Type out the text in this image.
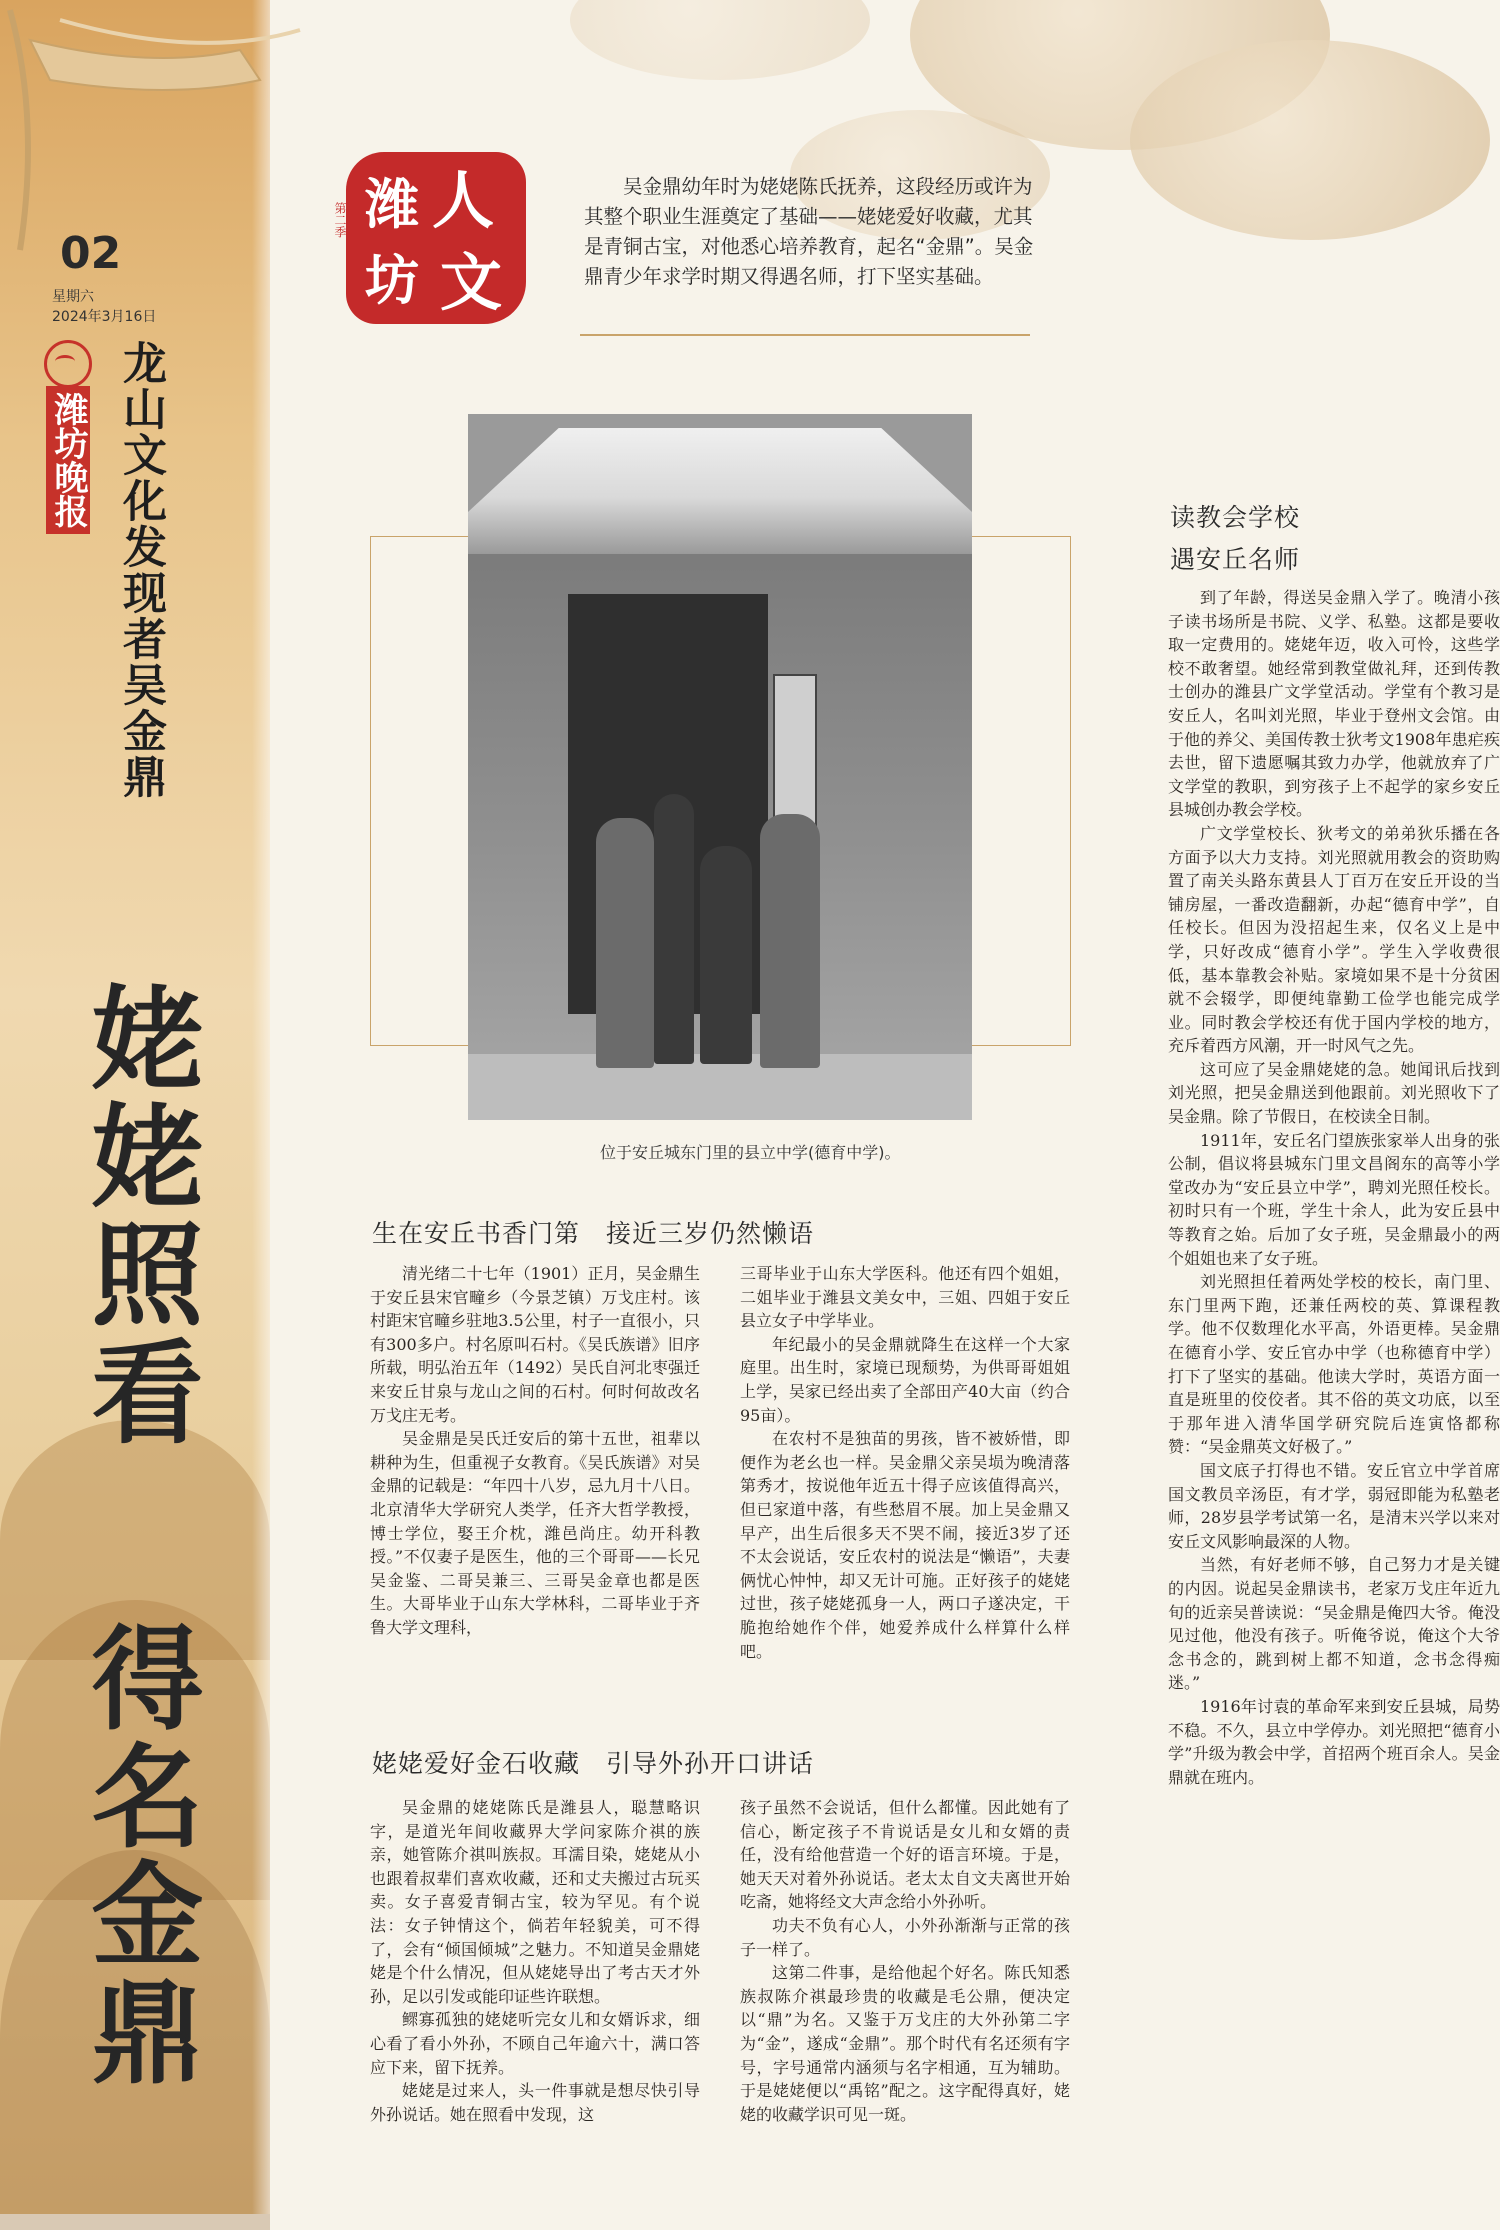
02
星期六
2024年3月16日
潍坊晚报 龙山文化发现者吴金鼎
姥姥照看
得名金鼎
潍 人
坊 文
第二季
吴金鼎幼年时为姥姥陈氏抚养，这段经历或许为其整个职业生涯奠定了基础——姥姥爱好收藏，尤其是青铜古宝，对他悉心培养教育，起名“金鼎”。吴金鼎青少年求学时期又得遇名师，打下坚实基础。
位于安丘城东门里的县立中学(德育中学)。
生在安丘书香门第　接近三岁仍然懒语

清光绪二十七年（1901）正月，吴金鼎生于安丘县宋官疃乡（今景芝镇）万戈庄村。该村距宋官疃乡驻地3.5公里，村子一直很小，只有300多户。村名原叫石村。《吴氏族谱》旧序所载，明弘治五年（1492）吴氏自河北枣强迁来安丘甘泉与龙山之间的石村。何时何故改名万戈庄无考。

吴金鼎是吴氏迁安后的第十五世，祖辈以耕种为生，但重视子女教育。《吴氏族谱》对吴金鼎的记载是：“年四十八岁，忌九月十八日。北京清华大学研究人类学，任齐大哲学教授，博士学位，娶王介枕，潍邑尚庄。幼开科教授。”不仅妻子是医生，他的三个哥哥——长兄吴金鉴、二哥吴兼三、三哥吴金章也都是医生。大哥毕业于山东大学林科，二哥毕业于齐鲁大学文理科，

三哥毕业于山东大学医科。他还有四个姐姐，二姐毕业于潍县文美女中，三姐、四姐于安丘县立女子中学毕业。

年纪最小的吴金鼎就降生在这样一个大家庭里。出生时，家境已现颓势，为供哥哥姐姐上学，吴家已经出卖了全部田产40大亩（约合95亩）。

在农村不是独苗的男孩，皆不被娇惜，即便作为老幺也一样。吴金鼎父亲吴埙为晚清落第秀才，按说他年近五十得子应该值得高兴，但已家道中落，有些愁眉不展。加上吴金鼎又早产，出生后很多天不哭不闹，接近3岁了还不太会说话，安丘农村的说法是“懒语”，夫妻俩忧心忡忡，却又无计可施。正好孩子的姥姥过世，孩子姥姥孤身一人，两口子遂决定，干脆抱给她作个伴，她爱养成什么样算什么样吧。

姥姥爱好金石收藏　引导外孙开口讲话

吴金鼎的姥姥陈氏是潍县人，聪慧略识字，是道光年间收藏界大学问家陈介祺的族亲，她管陈介祺叫族叔。耳濡目染，姥姥从小也跟着叔辈们喜欢收藏，还和丈夫搬过古玩买卖。女子喜爱青铜古宝，较为罕见。有个说法：女子钟情这个，倘若年轻貌美，可不得了，会有“倾国倾城”之魅力。不知道吴金鼎姥姥是个什么情况，但从姥姥导出了考古天才外孙，足以引发或能印证些许联想。

鳏寡孤独的姥姥听完女儿和女婿诉求，细心看了看小外孙，不顾自己年逾六十，满口答应下来，留下抚养。

姥姥是过来人，头一件事就是想尽快引导外孙说话。她在照看中发现，这

孩子虽然不会说话，但什么都懂。因此她有了信心，断定孩子不肯说话是女儿和女婿的责任，没有给他营造一个好的语言环境。于是，她天天对着外孙说话。老太太自文夫离世开始吃斋，她将经文大声念给小外孙听。

功夫不负有心人，小外孙渐渐与正常的孩子一样了。

这第二件事，是给他起个好名。陈氏知悉族叔陈介祺最珍贵的收藏是毛公鼎，便决定以“鼎”为名。又鉴于万戈庄的大外孙第二字为“金”，遂成“金鼎”。那个时代有名还须有字号，字号通常内涵须与名字相通，互为辅助。于是姥姥便以“禹铭”配之。这字配得真好，姥姥的收藏学识可见一斑。

读教会学校
遇安丘名师

到了年龄，得送吴金鼎入学了。晚清小孩子读书场所是书院、义学、私塾。这都是要收取一定费用的。姥姥年迈，收入可怜，这些学校不敢奢望。她经常到教堂做礼拜，还到传教士创办的潍县广文学堂活动。学堂有个教习是安丘人，名叫刘光照，毕业于登州文会馆。由于他的养父、美国传教士狄考文1908年患疟疾去世，留下遗愿嘱其致力办学，他就放弃了广文学堂的教职，到穷孩子上不起学的家乡安丘县城创办教会学校。

广文学堂校长、狄考文的弟弟狄乐播在各方面予以大力支持。刘光照就用教会的资助购置了南关头路东黄县人丁百万在安丘开设的当铺房屋，一番改造翻新，办起“德育中学”，自任校长。但因为没招起生来，仅名义上是中学，只好改成“德育小学”。学生入学收费很低，基本靠教会补贴。家境如果不是十分贫困就不会辍学，即便纯靠勤工俭学也能完成学业。同时教会学校还有优于国内学校的地方，充斥着西方风潮，开一时风气之先。

这可应了吴金鼎姥姥的急。她闻讯后找到刘光照，把吴金鼎送到他跟前。刘光照收下了吴金鼎。除了节假日，在校读全日制。

1911年，安丘名门望族张家举人出身的张公制，倡议将县城东门里文昌阁东的高等小学堂改办为“安丘县立中学”，聘刘光照任校长。初时只有一个班，学生十余人，此为安丘县中等教育之始。后加了女子班，吴金鼎最小的两个姐姐也来了女子班。

刘光照担任着两处学校的校长，南门里、东门里两下跑，还兼任两校的英、算课程教学。他不仅数理化水平高，外语更棒。吴金鼎在德育小学、安丘官办中学（也称德育中学）打下了坚实的基础。他读大学时，英语方面一直是班里的佼佼者。其不俗的英文功底，以至于那年进入清华国学研究院后连寅恪都称赞：“吴金鼎英文好极了。”

国文底子打得也不错。安丘官立中学首席国文教员辛汤臣，有才学，弱冠即能为私塾老师，28岁县学考试第一名，是清末兴学以来对安丘文风影响最深的人物。

当然，有好老师不够，自己努力才是关键的内因。说起吴金鼎读书，老家万戈庄年近九旬的近亲吴普读说：“吴金鼎是俺四大爷。俺没见过他，他没有孩子。听俺爷说，俺这个大爷念书念的，跳到树上都不知道，念书念得痴迷。”

1916年讨袁的革命军来到安丘县城，局势不稳。不久，县立中学停办。刘光照把“德育小学”升级为教会中学，首招两个班百余人。吴金鼎就在班内。
